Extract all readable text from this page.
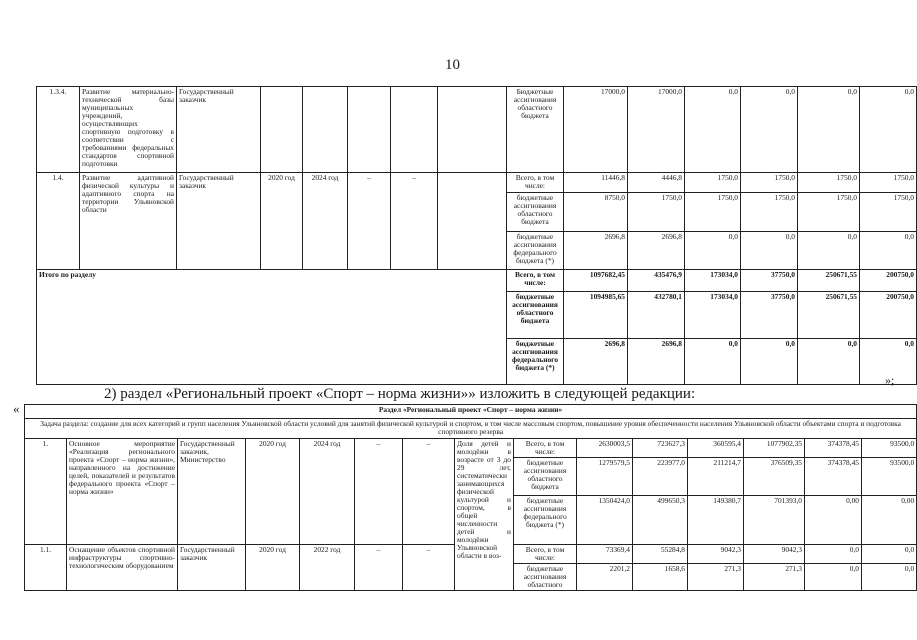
10
1.3.4.	Развитие материально-технической базы муниципальных учреждений, осуществляющих спортивную подготовку в соответствии с требованиями федеральных стандартов спортивной подготовки	Государственный заказчик						Бюджетные ассигнования областного бюджета	17000,0	17000,0	0,0	0,0	0,0	0,0
1.4.	Развитие адаптивной физической культуры и адаптивного спорта на территории Ульяновской области	Государственный заказчик	2020 год	2024 год	–	–		Всего, в том числе:	11446,8	4446,8	1750,0	1750,0	1750,0	1750,0
								бюджетные ассигнования областного бюджета	8750,0	1750,0	1750,0	1750,0	1750,0	1750,0
								бюджетные ассигнования федерального бюджета (*)	2696,8	2696,8	0,0	0,0	0,0	0,0
Итого по разделу								Всего, в том числе:	1097682,45	435476,9	173034,0	37750,0	250671,55	200750,0
								бюджетные ассигнования областного бюджета	1094985,65	432780,1	173034,0	37750,0	250671,55	200750,0
								бюджетные ассигнования федерального бюджета (*)	2696,8	2696,8	0,0	0,0	0,0	0,0
»;
2) раздел «Региональный проект «Спорт – норма жизни»» изложить в следующей редакции:
«	Раздел «Региональный проект «Спорт – норма жизни»														
Задача раздела: создание для всех категорий и групп населения Ульяновской области условий для занятий физической культурой и спортом, в том числе массовым спортом, повышение уровня обеспеченности населения Ульяновской области объектами спорта и подготовка спортивного резерва														
1.	Основное мероприятие «Реализация регионального проекта «Спорт – норма жизни», направленного на достижение целей, показателей и результатов федерального проекта «Спорт – норма жизни»	Государственный заказчик, Министерство	2020 год	2024 год	–	–	Доля детей и молодёжи в возрасте от 3 до 29 лет, систематически занимающихся физической культурой и спортом, в общей численности детей и молодёжи Ульяновской области в воз-	Всего, в том числе:	2630003,5	723627,3	360595,4	1077902,35	374378,45	93500,0
								бюджетные ассигнования областного бюджета	1279579,5	223977,0	211214,7	376509,35	374378,45	93500,0
								бюджетные ассигнования федерального бюджета (*)	1350424,0	499650,3	149380,7	701393,0	0,00	0,00
1.1.	Оснащение объектов спортивной инфраструктуры спортивно-технологическим оборудованием	Государственный заказчик	2020 год	2022 год	–	–		Всего, в том числе:	73369,4	55284,8	9042,3	9042,3	0,0	0,0
								бюджетные ассигнования областного	2201,2	1658,6	271,3	271,3	0,0	0,0
